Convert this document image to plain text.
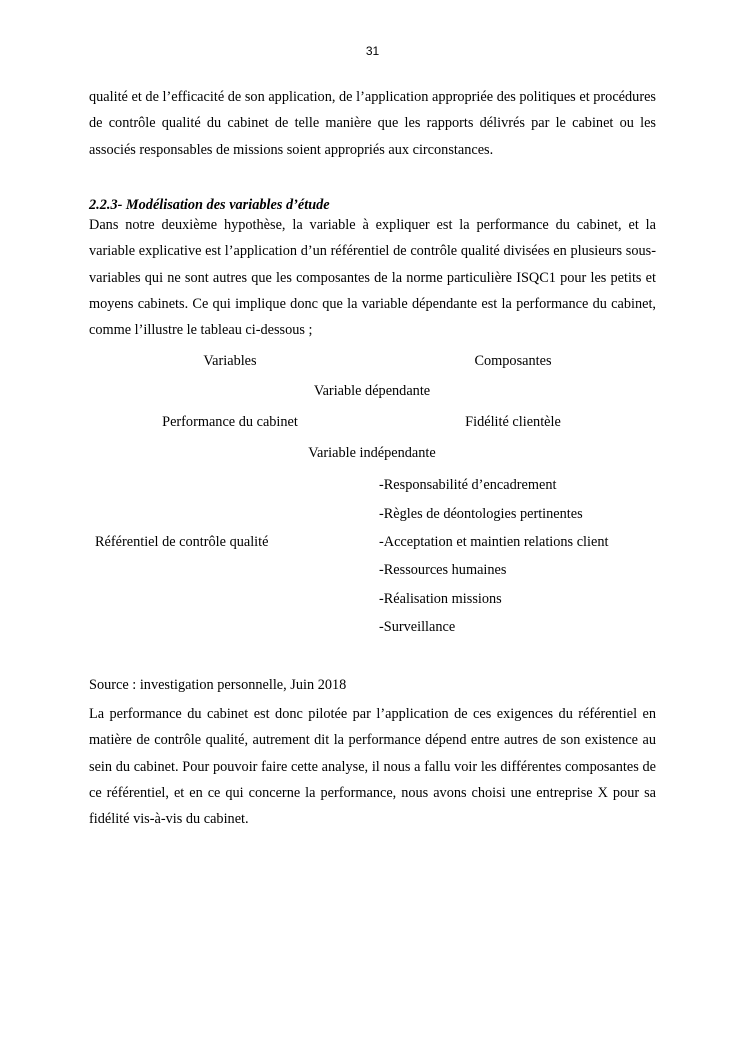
31

qualité et de l’efficacité de son application, de l’application appropriée des politiques et procédures de contrôle qualité du cabinet de telle manière que les rapports délivrés par le cabinet ou les associés responsables de missions soient appropriés aux circonstances.

2.2.3- Modélisation des variables d’étude

Dans notre deuxième hypothèse, la variable à expliquer est la performance du cabinet, et la variable explicative est l’application d’un référentiel de contrôle qualité divisées en plusieurs sous-variables qui ne sont autres que les composantes de la norme particulière ISQC1 pour les petits et moyens cabinets. Ce qui implique donc que la variable dépendante est la performance du cabinet, comme l’illustre le tableau ci-dessous ;

Variables	Composantes
Variable dépendante
Performance du cabinet	Fidélité clientèle
Variable indépendante
Référentiel de contrôle qualité
-Responsabilité d’encadrement
-Règles de déontologies pertinentes
-Acceptation et maintien relations client
-Ressources humaines
-Réalisation missions
-Surveillance
Source : investigation personnelle, Juin 2018

La performance du cabinet est donc pilotée par l’application de ces exigences du référentiel en matière de contrôle qualité, autrement dit la performance dépend entre autres de son existence au sein du cabinet. Pour pouvoir faire cette analyse, il nous a fallu voir les différentes composantes de ce référentiel, et en ce qui concerne la performance, nous avons choisi une entreprise X pour sa fidélité vis-à-vis du cabinet.
